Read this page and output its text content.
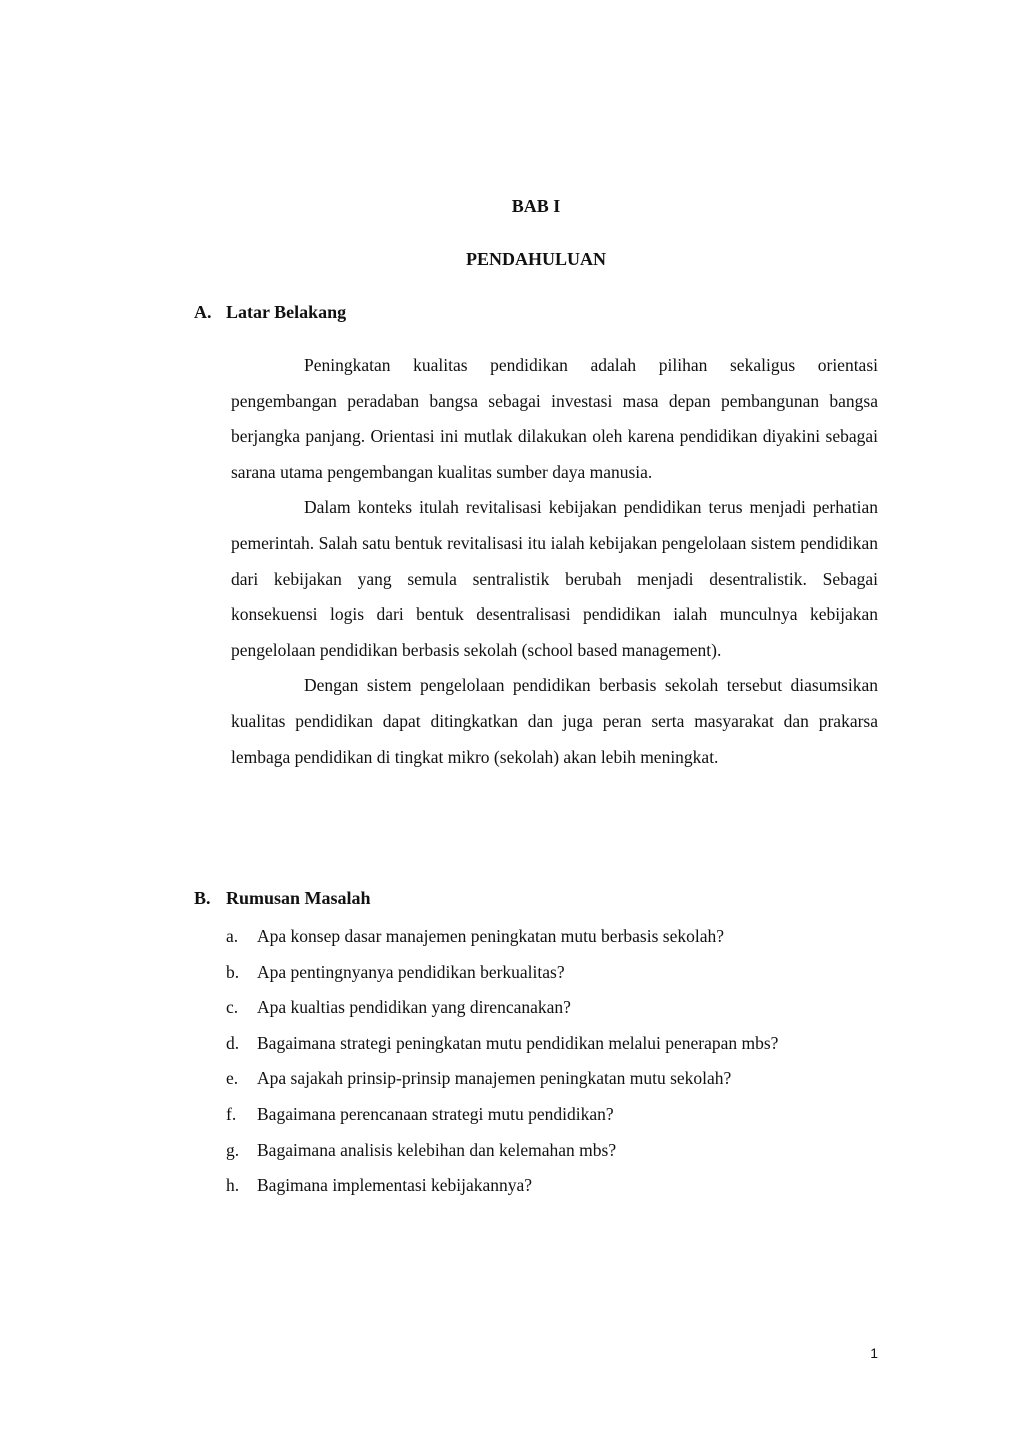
BAB I
PENDAHULUAN
A. Latar Belakang

Peningkatan kualitas pendidikan adalah pilihan sekaligus orientasi pengembangan peradaban bangsa sebagai investasi masa depan pembangunan bangsa berjangka panjang. Orientasi ini mutlak dilakukan oleh karena pendidikan diyakini sebagai sarana utama pengembangan kualitas sumber daya manusia.

Dalam konteks itulah revitalisasi kebijakan pendidikan terus menjadi perhatian pemerintah. Salah satu bentuk revitalisasi itu ialah kebijakan pengelolaan sistem pendidikan dari kebijakan yang semula sentralistik berubah menjadi desentralistik. Sebagai konsekuensi logis dari bentuk desentralisasi pendidikan ialah munculnya kebijakan pengelolaan pendidikan berbasis sekolah (school based management).

Dengan sistem pengelolaan pendidikan berbasis sekolah tersebut diasumsikan kualitas pendidikan dapat ditingkatkan dan juga peran serta masyarakat dan prakarsa lembaga pendidikan di tingkat mikro (sekolah) akan lebih meningkat.

B. Rumusan Masalah
a. Apa konsep dasar manajemen peningkatan mutu berbasis sekolah?
b. Apa pentingnyanya pendidikan berkualitas?
c. Apa kualtias pendidikan yang direncanakan?
d. Bagaimana strategi peningkatan mutu pendidikan melalui penerapan mbs?
e. Apa sajakah prinsip-prinsip manajemen peningkatan mutu sekolah?
f. Bagaimana perencanaan strategi mutu pendidikan?
g. Bagaimana analisis kelebihan dan kelemahan mbs?
h. Bagimana implementasi kebijakannya?
1
